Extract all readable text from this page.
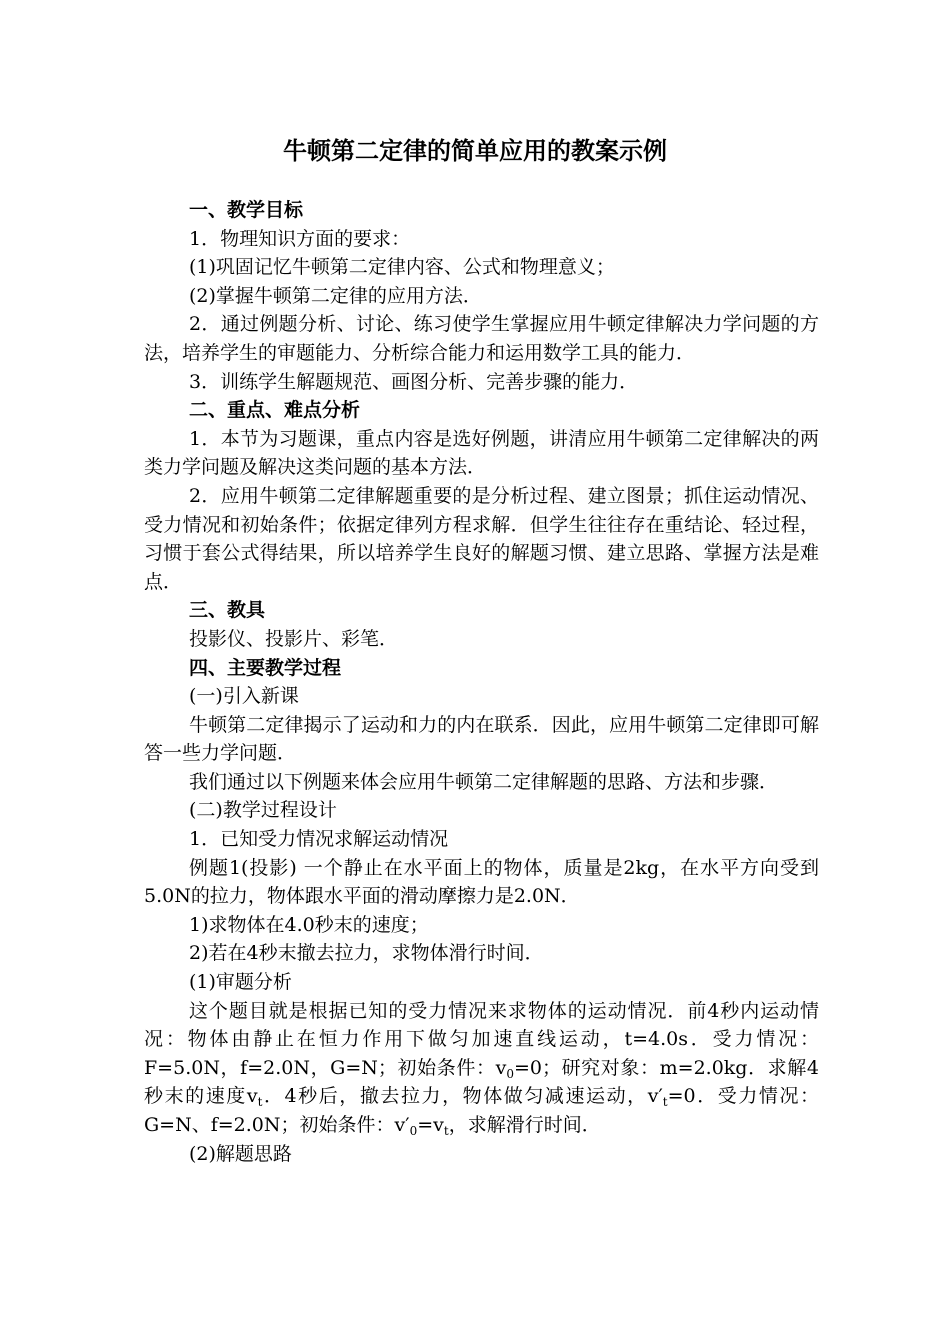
牛顿第二定律的简单应用的教案示例

一、教学目标

1．物理知识方面的要求：

(1)巩固记忆牛顿第二定律内容、公式和物理意义；

(2)掌握牛顿第二定律的应用方法．

2．通过例题分析、讨论、练习使学生掌握应用牛顿定律解决力学问题的方法，培养学生的审题能力、分析综合能力和运用数学工具的能力．

3．训练学生解题规范、画图分析、完善步骤的能力．

二、重点、难点分析

1．本节为习题课，重点内容是选好例题，讲清应用牛顿第二定律解决的两类力学问题及解决这类问题的基本方法．

2．应用牛顿第二定律解题重要的是分析过程、建立图景；抓住运动情况、受力情况和初始条件；依据定律列方程求解．但学生往往存在重结论、轻过程，习惯于套公式得结果，所以培养学生良好的解题习惯、建立思路、掌握方法是难点．

三、教具

投影仪、投影片、彩笔．

四、主要教学过程

(一)引入新课

牛顿第二定律揭示了运动和力的内在联系．因此，应用牛顿第二定律即可解答一些力学问题．

我们通过以下例题来体会应用牛顿第二定律解题的思路、方法和步骤．

(二)教学过程设计

1．已知受力情况求解运动情况

例题1(投影) 一个静止在水平面上的物体，质量是2kg，在水平方向受到5.0N的拉力，物体跟水平面的滑动摩擦力是2.0N．

1)求物体在4.0秒末的速度；

2)若在4秒末撤去拉力，求物体滑行时间．

(1)审题分析

这个题目就是根据已知的受力情况来求物体的运动情况．前4秒内运动情况：物体由静止在恒力作用下做匀加速直线运动，t=4.0s．受力情况：F=5.0N，f=2.0N，G=N；初始条件：$v_0=0$；研究对象：m=2.0kg．求解4秒末的速度$v_t$．4秒后，撤去拉力，物体做匀减速运动，$v'_t=0$．受力情况：G=N、f=2.0N；初始条件：$v'_0=v_t$，求解滑行时间．

(2)解题思路
